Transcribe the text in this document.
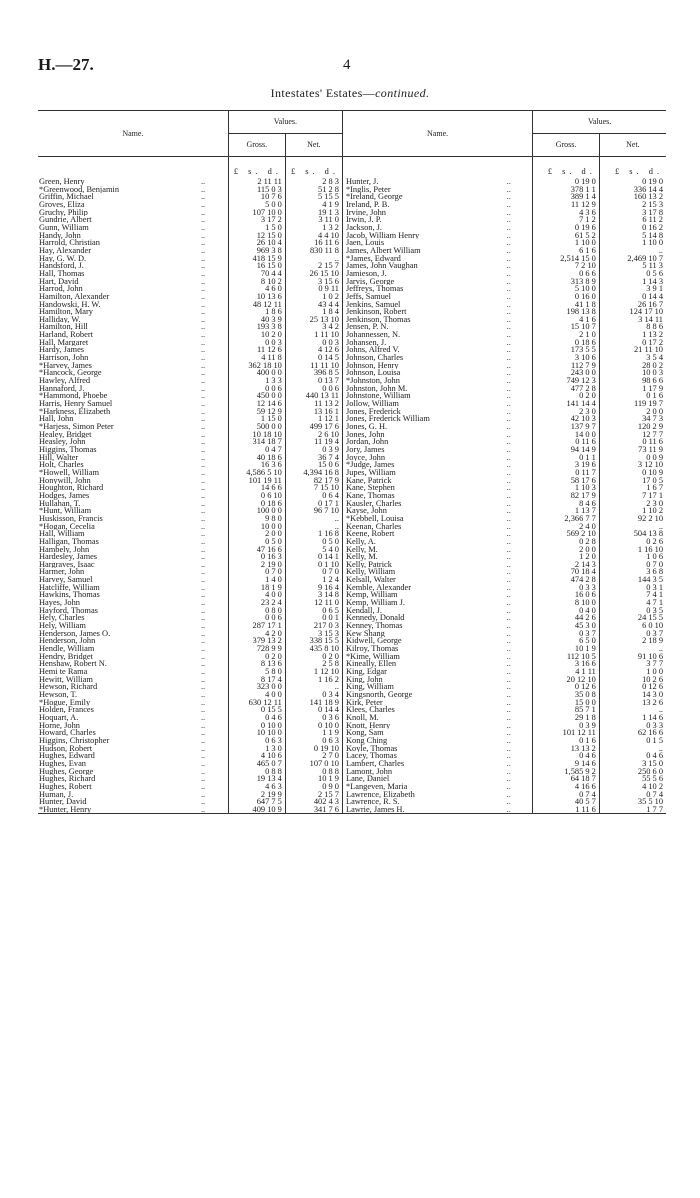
H.—27.	4
Intestates' Estates—continued.
Name.		Values.		Name.		Values.	
		Gross.	Net.			Gross.	Net.

		£ s. d.	£ s. d.			£ s. d.	£ s. d.
Green, Henry	..	2 11 11	2 8 3	Hunter, J.	..	0 19 0	0 19 0
*Greenwood, Benjamin	..	115 0 3	51 2 8	*Inglis, Peter	..	378 1 1	336 14 4
Griffin, Michael	..	10 7 6	5 15 5	*Ireland, George	..	389 1 4	160 13 2
Groves, Eliza	..	5 0 0	4 1 9	Ireland, P. B.	..	11 12 9	2 15 3
Gruchy, Philip	..	107 10 0	19 1 3	Irvine, John	..	4 3 6	3 17 8
Gundrie, Albert	..	3 17 2	3 11 0	Irwin, J. P.	..	7 1 2	6 11 2
Gunn, William	..	1 5 0	1 3 2	Jackson, J.	..	0 19 6	0 16 2
Handy, John	..	12 15 0	4 4 10	Jacob, William Henry	..	61 5 2	5 14 8
Harrold, Christian	..	26 10 4	16 11 6	Jaen, Louis	..	1 10 0	1 10 0
Hay, Alexander	..	969 3 8	830 11 8	James, Albert William	..	6 1 6	..
Hay, G. W. D.	..	418 15 9	..	*James, Edward	..	2,514 15 0	2,469 10 7
Handsford, J.	..	16 15 0	2 15 7	James, John Vaughan	..	7 2 10	5 11 3
Hall, Thomas	..	70 4 4	26 15 10	Jamieson, J.	..	0 6 6	0 5 6
Hart, David	..	8 10 2	3 15 6	Jarvis, George	..	313 8 9	1 14 3
Harrod, John	..	4 6 0	0 9 11	Jeffreys, Thomas	..	5 10 0	3 9 1
Hamilton, Alexander	..	10 13 6	1 0 2	Jeffs, Samuel	..	0 16 0	0 14 4
Handowski, H. W.	..	48 12 11	43 4 4	Jenkins, Samuel	..	41 1 8	26 16 7
Hamilton, Mary	..	1 8 6	1 8 4	Jenkinson, Robert	..	198 13 8	124 17 10
Halliday, W.	..	40 3 9	25 13 10	Jenkinson, Thomas	..	4 1 6	3 14 11
Hamilton, Hill	..	193 3 8	3 4 2	Jensen, P. N.	..	15 10 7	8 8 6
Harland, Robert	..	10 2 0	1 11 10	Johannessen, N.	..	2 1 0	1 13 2
Hall, Margaret	..	0 0 3	0 0 3	Johansen, J.	..	0 18 6	0 17 2
Hardy, James	..	11 12 6	4 12 6	Johns, Alfred V.	..	173 5 5	21 11 10
Harrison, John	..	4 11 8	0 14 5	Johnson, Charles	..	3 10 6	3 5 4
*Harvey, James	..	362 18 10	11 11 10	Johnson, Henry	..	112 7 9	28 0 2
*Hancock, George	..	400 0 0	396 8 5	Johnson, Louisa	..	243 0 0	10 0 3
Hawley, Alfred	..	1 3 3	0 13 7	*Johnston, John	..	749 12 3	98 6 6
Hannaford, J.	..	0 0 6	0 0 6	Johnston, John M.	..	477 2 8	1 17 9
*Hammond, Phoebe	..	450 0 0	440 13 11	Johnstone, William	..	0 2 0	0 1 6
Harris, Henry Samuel	..	12 14 6	11 13 2	Jollow, William	..	141 14 4	119 19 7
*Harkness, Elizabeth	..	59 12 9	13 16 1	Jones, Frederick	..	2 3 0	2 0 0
Hall, John	..	1 15 0	1 12 1	Jones, Frederick William	..	42 10 3	34 7 3
*Harjess, Simon Peter	..	500 0 0	499 17 6	Jones, G. H.	..	137 9 7	120 2 9
Healey, Bridget	..	10 18 10	2 6 10	Jones, John	..	14 0 0	12 7 7
Heasley, John	..	314 18 7	11 19 4	Jordan, John	..	0 11 6	0 11 6
Higgins, Thomas	..	0 4 7	0 3 9	Jory, James	..	94 14 9	73 11 9
Hill, Walter	..	40 18 6	36 7 4	Joyce, John	..	0 1 1	0 0 9
Holt, Charles	..	16 3 6	15 0 6	*Judge, James	..	3 19 6	3 12 10
*Howell, William	..	4,586 5 10	4,394 16 8	Jupes, William	..	0 11 7	0 10 9
Honywill, John	..	101 19 11	82 17 9	Kane, Patrick	..	58 17 6	17 0 5
Houghton, Richard	..	14 6 6	7 15 10	Kane, Stephen	..	1 10 3	1 6 7
Hodges, James	..	0 6 10	0 6 4	Kane, Thomas	..	82 17 9	7 17 1
Hullahan, T.	..	0 18 6	0 17 1	Kausler, Charles	..	8 4 6	2 3 0
*Hunt, William	..	100 0 0	96 7 10	Kayse, John	..	1 13 7	1 10 2
Huskisson, Francis	..	9 8 0	..	*Kebbell, Louisa	..	2,366 7 7	92 2 10
*Hogan, Cecelia	..	10 0 0	..	Keenan, Charles	..	2 4 0	..
Hall, William	..	2 0 0	1 16 8	Keene, Robert	..	569 2 10	504 13 8
Halligan, Thomas	..	0 5 0	0 5 0	Kelly, A.	..	0 2 8	0 2 6
Hambely, John	..	47 16 6	5 4 0	Kelly, M.	..	2 0 0	1 16 10
Hardesley, James	..	0 16 3	0 14 1	Kelly, M.	..	1 2 0	1 0 6
Hargraves, Isaac	..	2 19 0	0 1 10	Kelly, Patrick	..	2 14 3	0 7 0
Harmer, John	..	0 7 0	0 7 0	Kelly, William	..	70 18 4	3 6 8
Harvey, Samuel	..	1 4 0	1 2 4	Kelsall, Walter	..	474 2 8	144 3 5
Hatcliffe, William	..	18 1 9	9 16 4	Kemble, Alexander	..	0 3 3	0 3 1
Hawkins, Thomas	..	4 0 0	3 14 8	Kemp, William	..	16 0 6	7 4 1
Hayes, John	..	23 2 4	12 11 0	Kemp, William J.	..	8 10 0	4 7 1
Hayford, Thomas	..	0 8 0	0 6 5	Kendall, J.	..	0 4 0	0 3 5
Hely, Charles	..	0 0 6	0 0 1	Kennedy, Donald	..	44 2 6	24 15 5
Hely, William	..	287 17 1	217 0 3	Kenney, Thomas	..	45 3 0	6 0 10
Henderson, James O.	..	4 2 0	3 15 3	Kew Shang	..	0 3 7	0 3 7
Henderson, John	..	379 13 2	338 15 5	Kidwell, George	..	6 5 0	2 18 9
Hendle, William	..	728 9 9	435 8 10	Kilroy, Thomas	..	10 1 9	..
Hendry, Bridget	..	0 2 0	0 2 0	*Kime, William	..	112 10 5	91 10 6
Henshaw, Robert N.	..	8 13 6	2 5 8	Kineally, Ellen	..	3 16 6	3 7 7
Hemi te Rama	..	5 8 0	1 12 10	King, Edgar	..	4 1 11	1 0 0
Hewitt, William	..	8 17 4	1 16 2	King, John	..	20 12 10	10 2 6
Hewson, Richard	..	323 0 0	..	King, William	..	0 12 6	0 12 6
Hewson, T.	..	4 0 0	0 3 4	Kingsnorth, George	..	35 0 8	14 3 0
*Hogue, Emily	..	630 12 11	141 18 9	Kirk, Peter	..	15 0 0	13 2 6
Holden, Frances	..	0 15 5	0 14 4	Klees, Charles	..	85 7 1	..
Hoquart, A.	..	0 4 6	0 3 6	Knoll, M.	..	29 1 8	1 14 6
Horne, John	..	0 10 0	0 10 0	Knott, Henry	..	0 3 9	0 3 3
Howard, Charles	..	10 10 0	1 1 9	Kong, Sam	..	101 12 11	62 16 6
Higgins, Christopher	..	0 6 3	0 6 3	Kong Ching	..	0 1 6	0 1 5
Hudson, Robert	..	1 3 0	0 19 10	Koyle, Thomas	..	13 13 2	..
Hughes, Edward	..	4 10 6	2 7 0	Lacey, Thomas	..	0 4 6	0 4 6
Hughes, Evan	..	465 0 7	107 0 10	Lambert, Charles	..	9 14 6	3 15 0
Hughes, George	..	0 8 8	0 8 8	Lamont, John	..	1,585 9 2	250 6 0
Hughes, Richard	..	19 13 4	10 1 9	Lane, Daniel	..	64 18 7	55 5 6
Hughes, Robert	..	4 6 3	0 9 0	*Langeven, Maria	..	4 16 6	4 10 2
Human, J.	..	2 19 9	2 15 7	Lawrence, Elizabeth	..	0 7 4	0 7 4
Hunter, David	..	647 7 5	402 4 3	Lawrence, R. S.	..	40 5 7	35 5 10
*Hunter, Henry	..	409 10 9	341 7 6	Lawrie, James H.	..	1 11 6	1 7 7
